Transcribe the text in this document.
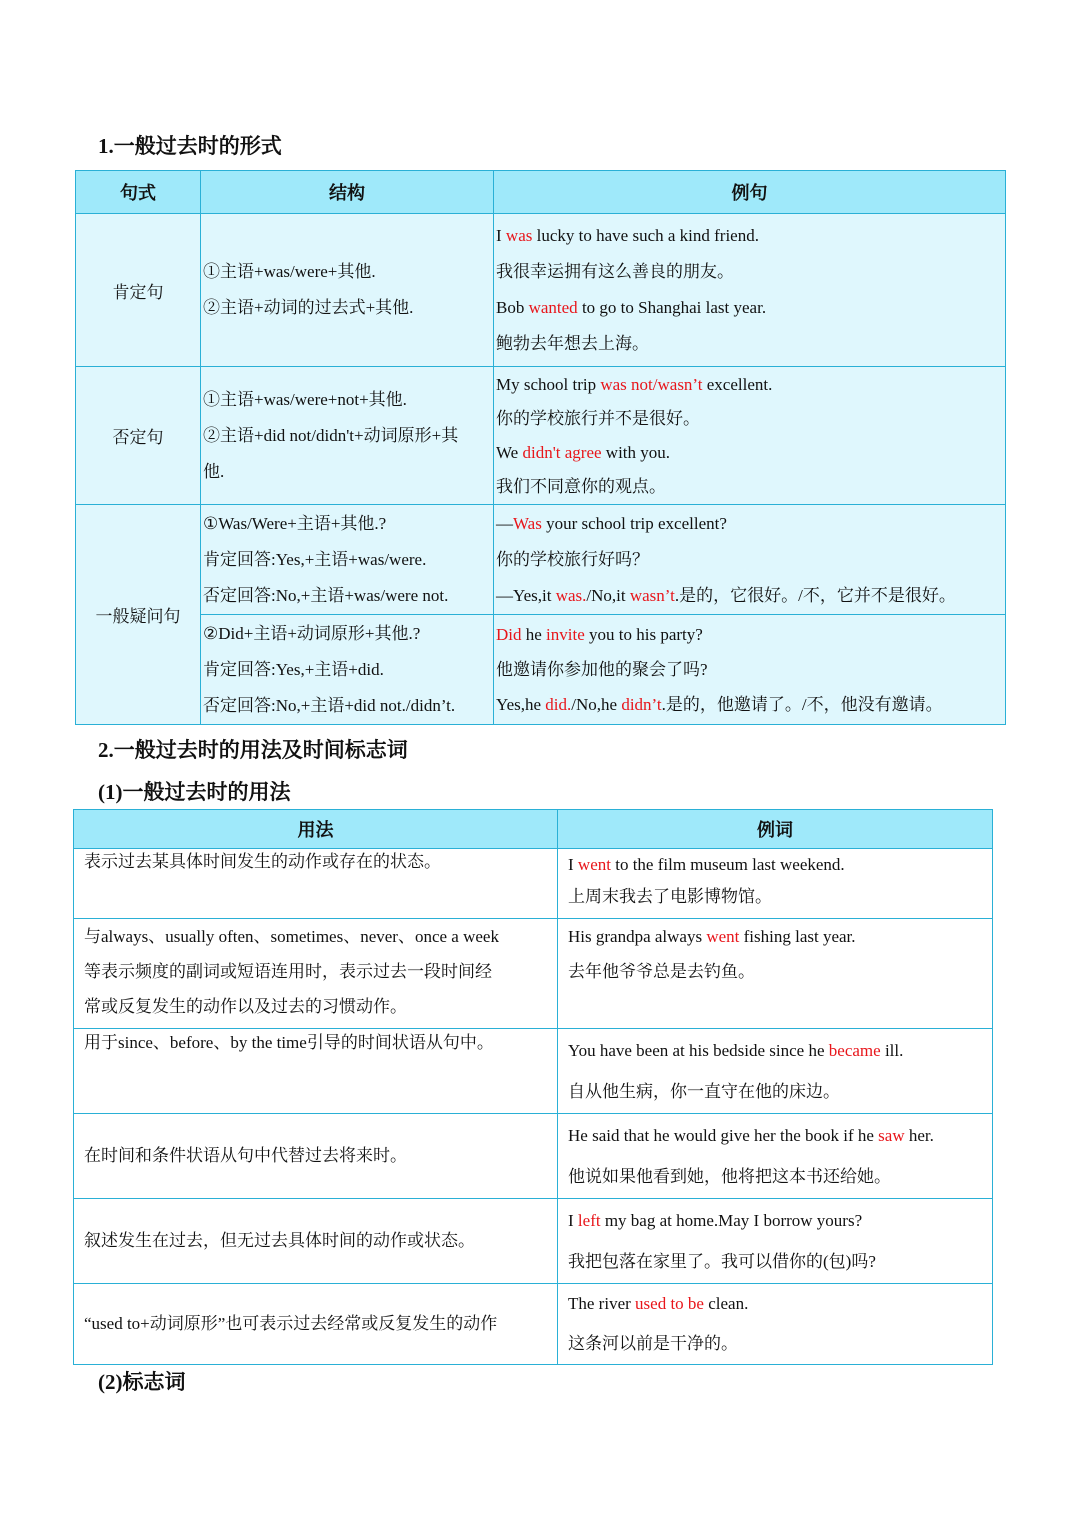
1.一般过去时的形式
句式	结构	例句
肯定句	①主语+was/were+其他.
②主语+动词的过去式+其他.	I was lucky to have such a kind friend.
我很幸运拥有这么善良的朋友。
Bob wanted to go to Shanghai last year.
鲍勃去年想去上海。

否定句	①主语+was/were+not+其他.
②主语+did not/didn't+动词原形+其
他.	My school trip was not/wasn’t excellent.
你的学校旅行并不是很好。
We didn't agree with you.
我们不同意你的观点。

一般疑问句	①Was/Were+主语+其他.?
肯定回答:Yes,+主语+was/were.
否定回答:No,+主语+was/were not.	—Was your school trip excellent?
你的学校旅行好吗？
—Yes,it was./No,it wasn’t.是的，它很好。/不，它并不是很好。

	②Did+主语+动词原形+其他.?
肯定回答:Yes,+主语+did.
否定回答:No,+主语+did not./didn’t.	Did he invite you to his party?
他邀请你参加他的聚会了吗?
Yes,he did./No,he didn’t.是的，他邀请了。/不，他没有邀请。
2.一般过去时的用法及时间标志词
(1)一般过去时的用法
用法	例词

表示过去某具体时间发生的动作或存在的状态。	I went to the film museum last weekend.
上周末我去了电影博物馆。

与always、usually often、sometimes、never、once a week
等表示频度的副词或短语连用时，表示过去一段时间经
常或反复发生的动作以及过去的习惯动作。	His grandpa always went fishing last year.
去年他爷爷总是去钓鱼。

用于since、before、by the time引导的时间状语从句中。	You have been at his bedside since he became ill.
自从他生病，你一直守在他的床边。

在时间和条件状语从句中代替过去将来时。	He said that he would give her the book if he saw her.
他说如果他看到她，他将把这本书还给她。

叙述发生在过去，但无过去具体时间的动作或状态。	I left my bag at home.May I borrow yours?
我把包落在家里了。我可以借你的(包)吗?

“used to+动词原形”也可表示过去经常或反复发生的动作	The river used to be clean.
这条河以前是干净的。
(2)标志词
